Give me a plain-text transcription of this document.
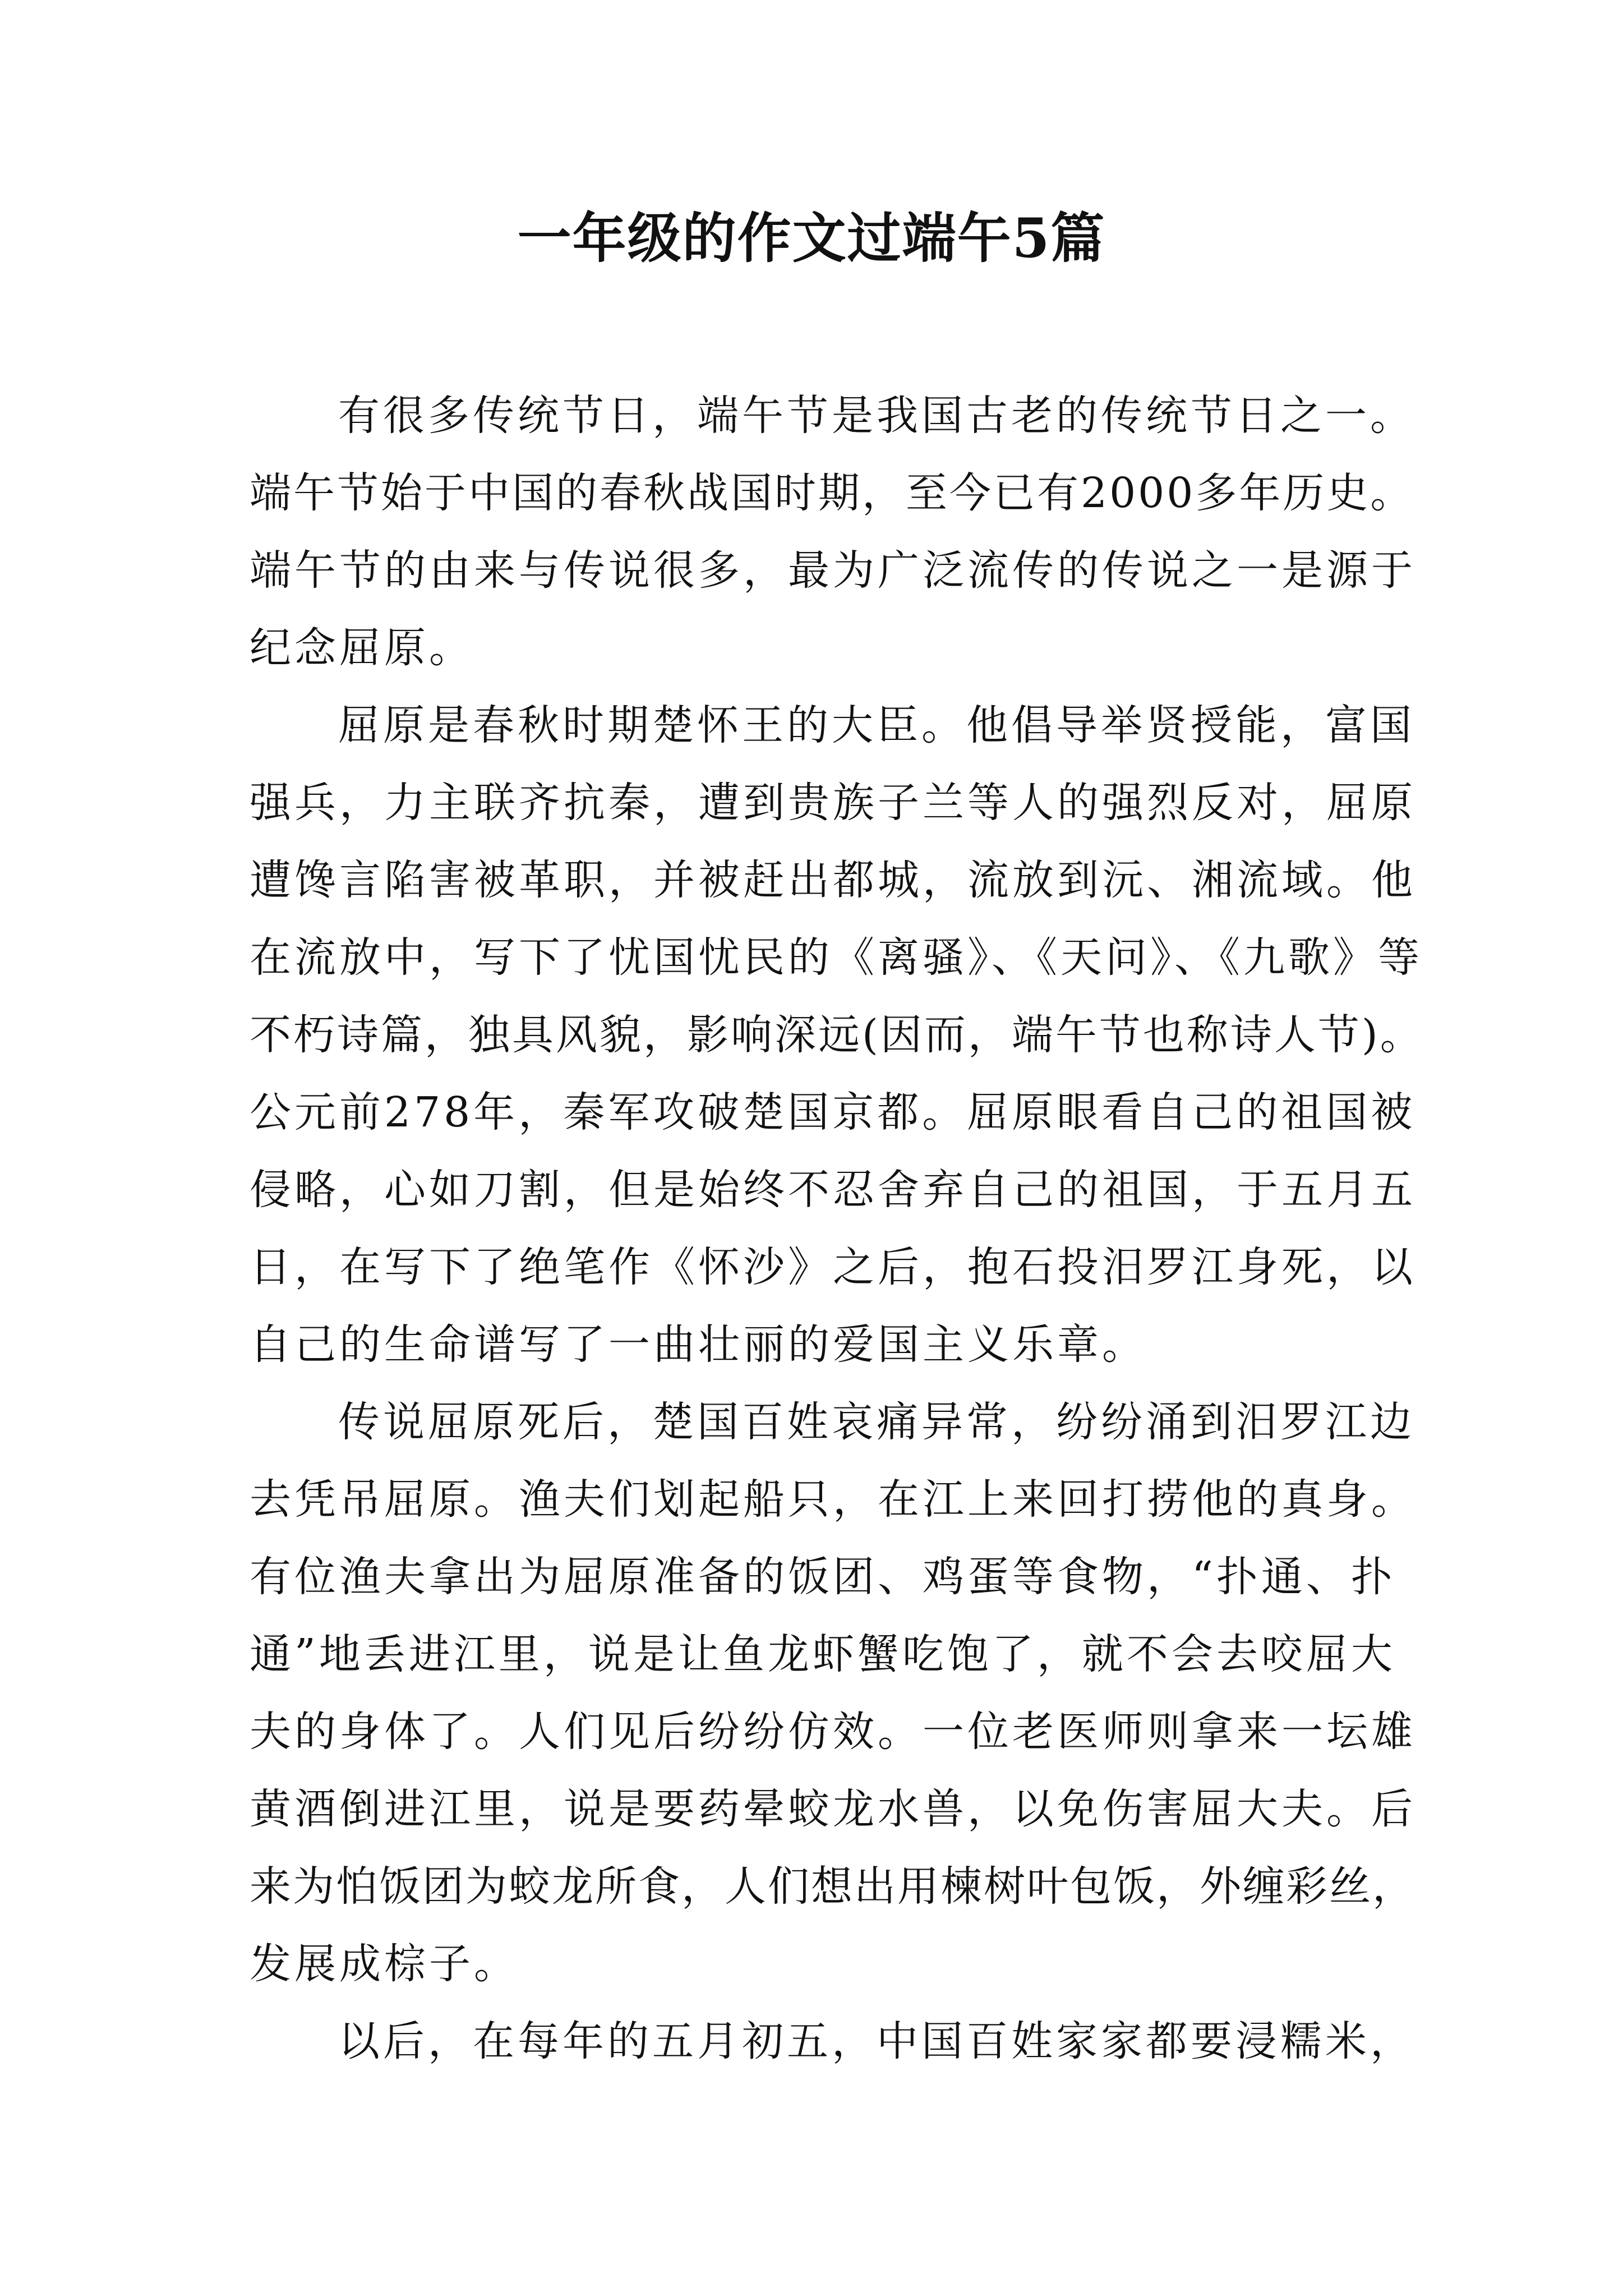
一年级的作文过端午5篇
有很多传统节日，端午节是我国古老的传统节日之一。
端午节始于中国的春秋战国时期，至今已有2000多年历史。
端午节的由来与传说很多，最为广泛流传的传说之一是源于
纪念屈原。
屈原是春秋时期楚怀王的大臣。他倡导举贤授能，富国
强兵，力主联齐抗秦，遭到贵族子兰等人的强烈反对，屈原
遭馋言陷害被革职，并被赶出都城，流放到沅、湘流域。他
在流放中，写下了忧国忧民的《离骚》、《天问》、《九歌》等
不朽诗篇，独具风貌，影响深远(因而，端午节也称诗人节)。
公元前278年，秦军攻破楚国京都。屈原眼看自己的祖国被
侵略，心如刀割，但是始终不忍舍弃自己的祖国，于五月五
日，在写下了绝笔作《怀沙》之后，抱石投汨罗江身死，以
自己的生命谱写了一曲壮丽的爱国主义乐章。
传说屈原死后，楚国百姓哀痛异常，纷纷涌到汨罗江边
去凭吊屈原。渔夫们划起船只，在江上来回打捞他的真身。
有位渔夫拿出为屈原准备的饭团、鸡蛋等食物，“扑通、扑
通”地丢进江里，说是让鱼龙虾蟹吃饱了，就不会去咬屈大
夫的身体了。人们见后纷纷仿效。一位老医师则拿来一坛雄
黄酒倒进江里，说是要药晕蛟龙水兽，以免伤害屈大夫。后
来为怕饭团为蛟龙所食，人们想出用楝树叶包饭，外缠彩丝，
发展成棕子。
以后，在每年的五月初五，中国百姓家家都要浸糯米，
